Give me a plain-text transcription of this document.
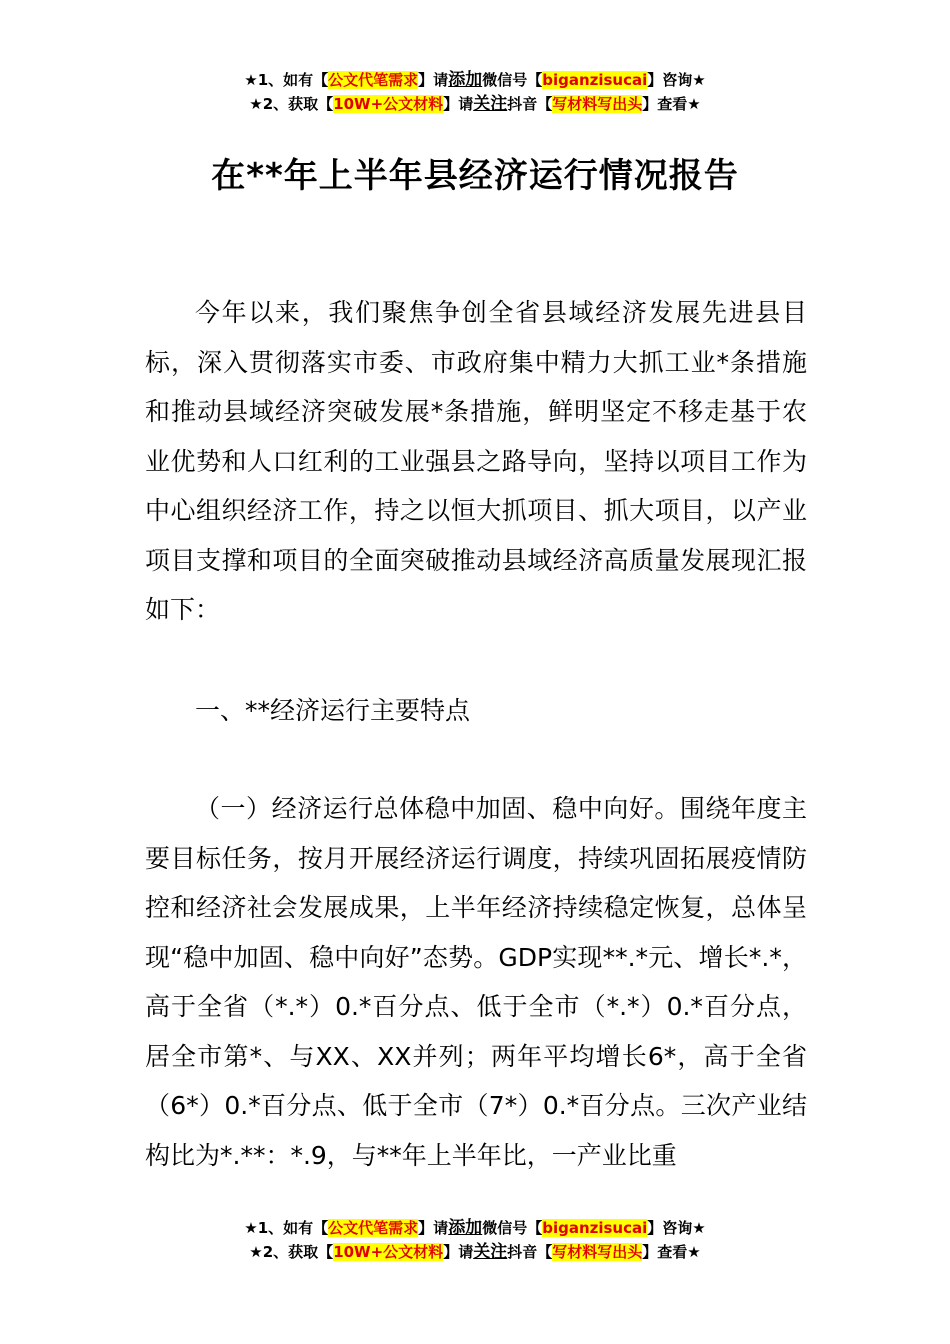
★1、如有【公文代笔需求】请添加微信号【biganzisucai】咨询★
★2、获取【10W+公文材料】请关注抖音【写材料写出头】查看★
在**年上半年县经济运行情况报告

今年以来，我们聚焦争创全省县域经济发展先进县目标，深入贯彻落实市委、市政府集中精力大抓工业*条措施和推动县域经济突破发展*条措施，鲜明坚定不移走基于农业优势和人口红利的工业强县之路导向，坚持以项目工作为中心组织经济工作，持之以恒大抓项目、抓大项目，以产业项目支撑和项目的全面突破推动县域经济高质量发展现汇报如下：

一、**经济运行主要特点

（一）经济运行总体稳中加固、稳中向好。围绕年度主要目标任务，按月开展经济运行调度，持续巩固拓展疫情防控和经济社会发展成果，上半年经济持续稳定恢复，总体呈现“稳中加固、稳中向好”态势。GDP实现**.*元、增长*.*，高于全省（*.*）0.*百分点、低于全市（*.*）0.*百分点，居全市第*、与XX、XX并列；两年平均增长6*，高于全省（6*）0.*百分点、低于全市（7*）0.*百分点。三次产业结构比为*.**：*.9，与**年上半年比，一产业比重

★1、如有【公文代笔需求】请添加微信号【biganzisucai】咨询★
★2、获取【10W+公文材料】请关注抖音【写材料写出头】查看★
